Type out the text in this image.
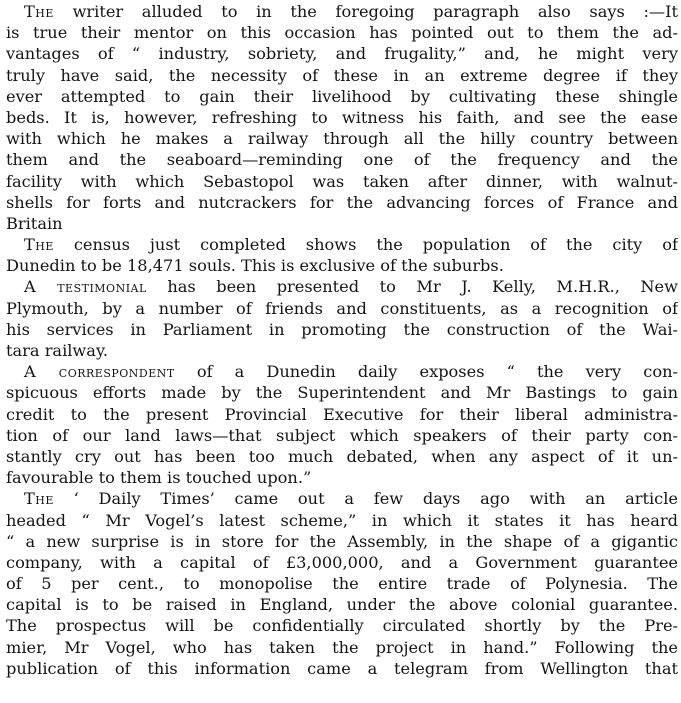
The writer alluded to in the foregoing paragraph also says :—It
is true their mentor on this occasion has pointed out to them the ad-
vantages of “ industry, sobriety, and frugality,” and, he might very
truly have said, the necessity of these in an extreme degree if they
ever attempted to gain their livelihood by cultivating these shingle
beds. It is, however, refreshing to witness his faith, and see the ease
with which he makes a railway through all the hilly country between
them and the seaboard—reminding one of the frequency and the
facility with which Sebastopol was taken after dinner, with walnut-
shells for forts and nutcrackers for the advancing forces of France and
Britain
The census just completed shows the population of the city of
Dunedin to be 18,471 souls. This is exclusive of the suburbs.
A testimonial has been presented to Mr J. Kelly, M.H.R., New
Plymouth, by a number of friends and constituents, as a recognition of
his services in Parliament in promoting the construction of the Wai-
tara railway.
A correspondent of a Dunedin daily exposes “ the very con-
spicuous efforts made by the Superintendent and Mr Bastings to gain
credit to the present Provincial Executive for their liberal administra-
tion of our land laws—that subject which speakers of their party con-
stantly cry out has been too much debated, when any aspect of it un-
favourable to them is touched upon.”
The ‘ Daily Times’ came out a few days ago with an article
headed “ Mr Vogel’s latest scheme,” in which it states it has heard
“ a new surprise is in store for the Assembly, in the shape of a gigantic
company, with a capital of £3,000,000, and a Government guarantee
of 5 per cent., to monopolise the entire trade of Polynesia. The
capital is to be raised in England, under the above colonial guarantee.
The prospectus will be confidentially circulated shortly by the Pre-
mier, Mr Vogel, who has taken the project in hand.” Following the
publication of this information came a telegram from Wellington that
